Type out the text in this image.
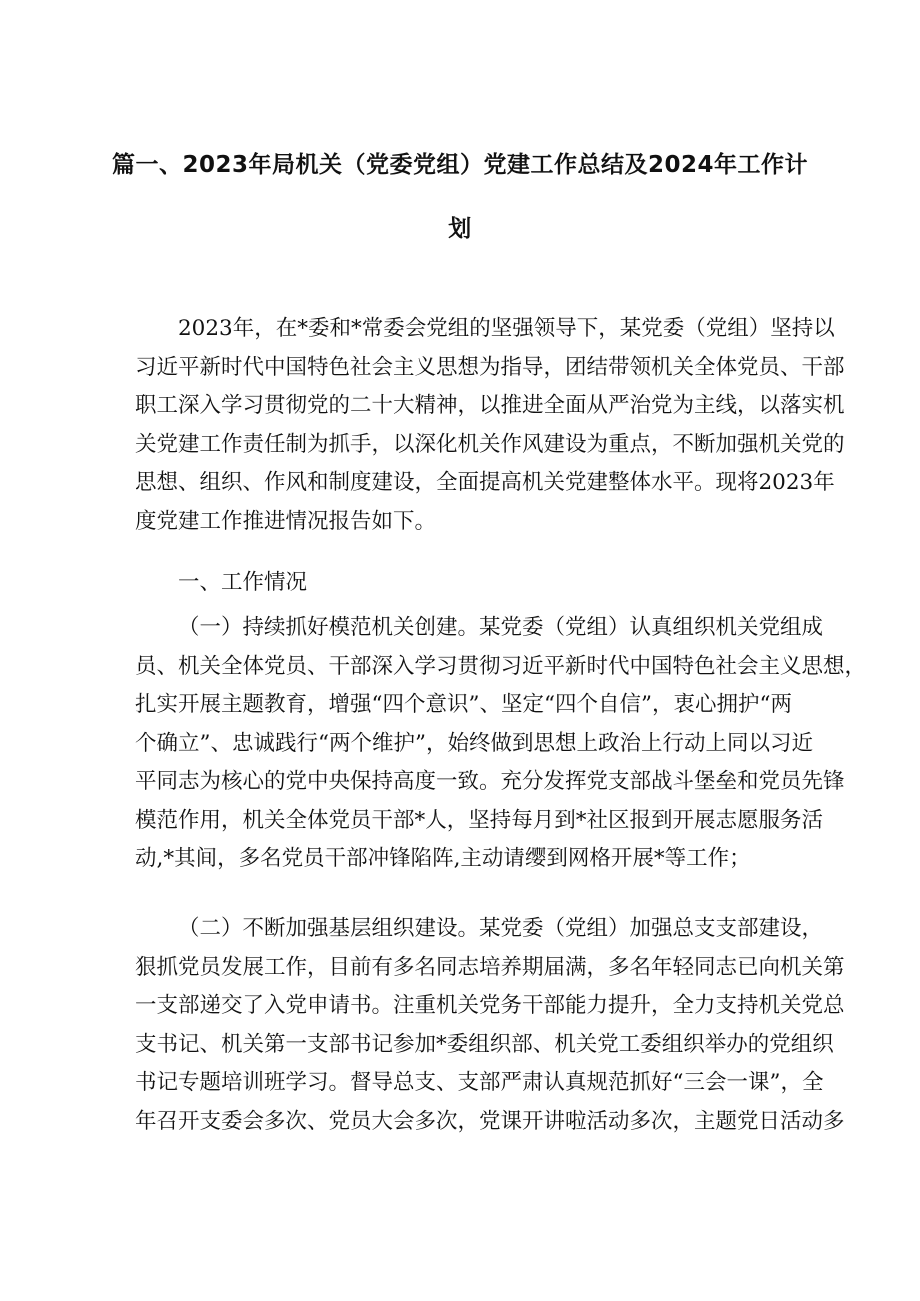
篇一、2023年局机关（党委党组）党建工作总结及2024年工作计
划
2023年，在*委和*常委会党组的坚强领导下，某党委（党组）坚持以
习近平新时代中国特色社会主义思想为指导，团结带领机关全体党员、干部
职工深入学习贯彻党的二十大精神，以推进全面从严治党为主线，以落实机
关党建工作责任制为抓手，以深化机关作风建设为重点，不断加强机关党的
思想、组织、作风和制度建设，全面提高机关党建整体水平。现将2023年
度党建工作推进情况报告如下。
一、工作情况
（一）持续抓好模范机关创建。某党委（党组）认真组织机关党组成
员、机关全体党员、干部深入学习贯彻习近平新时代中国特色社会主义思想，
扎实开展主题教育，增强“四个意识”、坚定“四个自信”，衷心拥护“两
个确立”、忠诚践行“两个维护”，始终做到思想上政治上行动上同以习近
平同志为核心的党中央保持高度一致。充分发挥党支部战斗堡垒和党员先锋
模范作用，机关全体党员干部*人，坚持每月到*社区报到开展志愿服务活
动,*其间，多名党员干部冲锋陷阵,主动请缨到网格开展*等工作；
（二）不断加强基层组织建设。某党委（党组）加强总支支部建设，
狠抓党员发展工作，目前有多名同志培养期届满，多名年轻同志已向机关第
一支部递交了入党申请书。注重机关党务干部能力提升，全力支持机关党总
支书记、机关第一支部书记参加*委组织部、机关党工委组织举办的党组织
书记专题培训班学习。督导总支、支部严肃认真规范抓好“三会一课”，全
年召开支委会多次、党员大会多次，党课开讲啦活动多次，主题党日活动多
